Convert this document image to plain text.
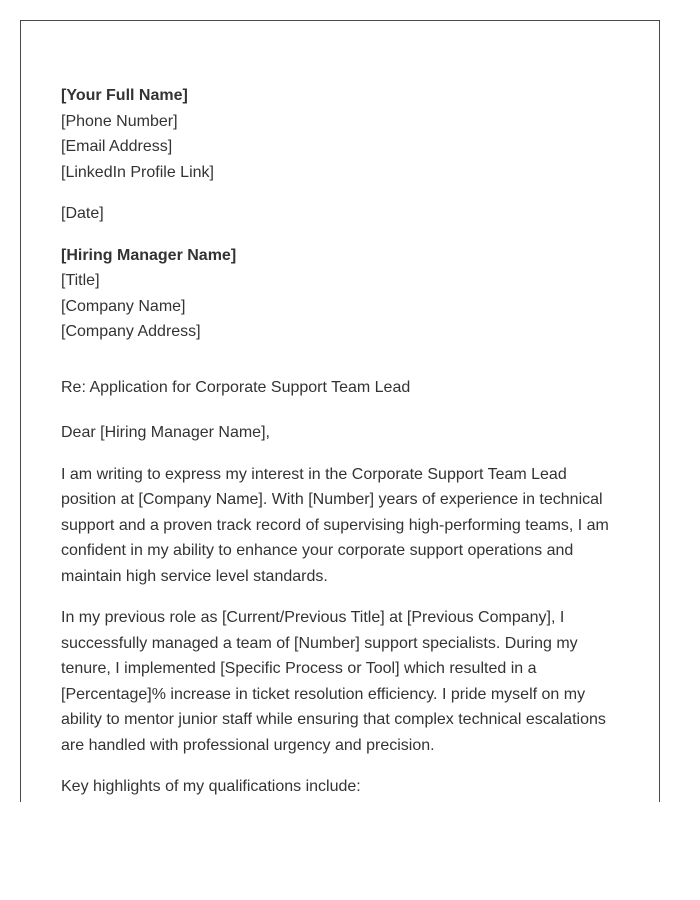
[Your Full Name]
[Phone Number]
[Email Address]
[LinkedIn Profile Link]
[Date]
[Hiring Manager Name]
[Title]
[Company Name]
[Company Address]
Re: Application for Corporate Support Team Lead
Dear [Hiring Manager Name],

I am writing to express my interest in the Corporate Support Team Lead position at [Company Name]. With [Number] years of experience in technical support and a proven track record of supervising high-performing teams, I am confident in my ability to enhance your corporate support operations and maintain high service level standards.

In my previous role as [Current/Previous Title] at [Previous Company], I successfully managed a team of [Number] support specialists. During my tenure, I implemented [Specific Process or Tool] which resulted in a [Percentage]% increase in ticket resolution efficiency. I pride myself on my ability to mentor junior staff while ensuring that complex technical escalations are handled with professional urgency and precision.

Key highlights of my qualifications include:
